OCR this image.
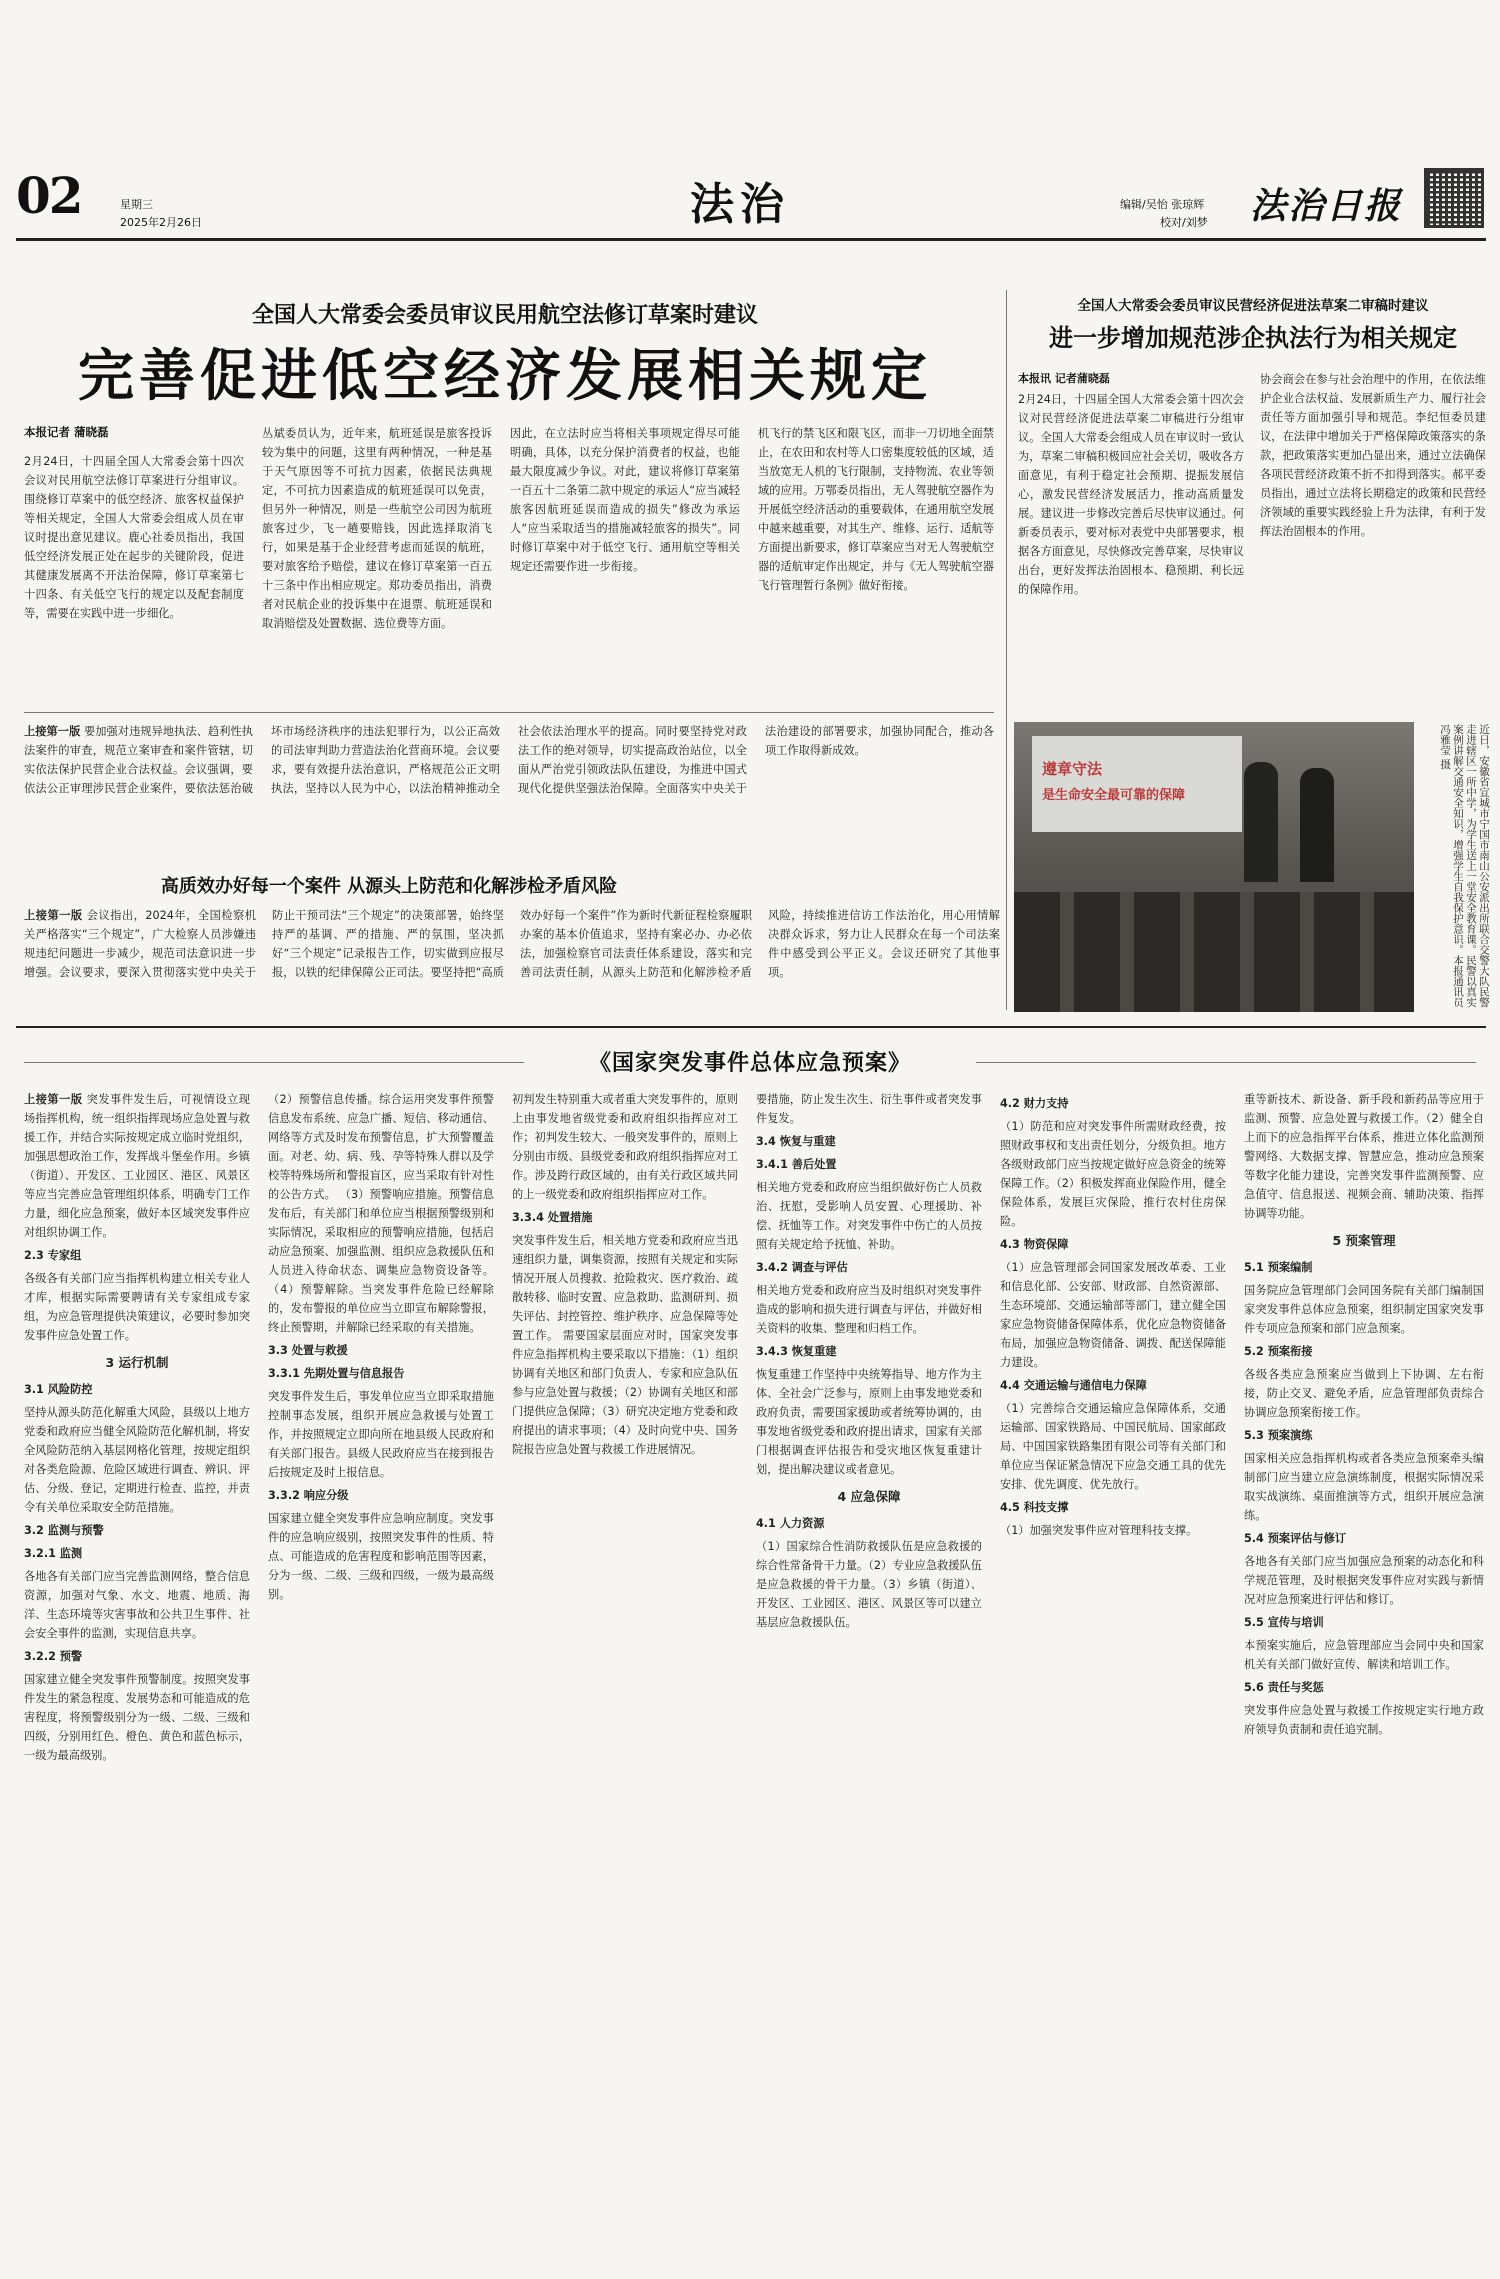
02	星期三
2025年2月26日	法治	编辑/吴怡 张琼辉
校对/刘梦 法治日报
全国人大常委会委员审议民用航空法修订草案时建议
完善促进低空经济发展相关规定
本报记者 蒲晓磊
2月24日，十四届全国人大常委会第十四次会议对民用航空法修订草案进行分组审议。围绕修订草案中的低空经济、旅客权益保护等相关规定，全国人大常委会组成人员在审议时提出意见建议。鹿心社委员指出，我国低空经济发展正处在起步的关键阶段，促进其健康发展离不开法治保障，修订草案第七十四条、有关低空飞行的规定以及配套制度等，需要在实践中进一步细化。
丛斌委员认为，近年来，航班延误是旅客投诉较为集中的问题，这里有两种情况，一种是基于天气原因等不可抗力因素，依据民法典规定，不可抗力因素造成的航班延误可以免责，但另外一种情况，则是一些航空公司因为航班旅客过少，飞一趟要赔钱，因此选择取消飞行，如果是基于企业经营考虑而延误的航班，要对旅客给予赔偿，建议在修订草案第一百五十三条中作出相应规定。郑功委员指出，消费者对民航企业的投诉集中在退票、航班延误和取消赔偿及处置数据、选位费等方面。
因此，在立法时应当将相关事项规定得尽可能明确，具体，以充分保护消费者的权益，也能最大限度减少争议。对此，建议将修订草案第一百五十二条第二款中规定的承运人“应当减轻旅客因航班延误而造成的损失”修改为承运人“应当采取适当的措施减轻旅客的损失”。同时修订草案中对于低空飞行、通用航空等相关规定还需要作进一步衔接。
机飞行的禁飞区和限飞区，而非一刀切地全面禁止，在农田和农村等人口密集度较低的区域，适当放宽无人机的飞行限制，支持物流、农业等领域的应用。万鄂委员指出，无人驾驶航空器作为开展低空经济活动的重要载体，在通用航空发展中越来越重要，对其生产、维修、运行、适航等方面提出新要求，修订草案应当对无人驾驶航空器的适航审定作出规定，并与《无人驾驶航空器飞行管理暂行条例》做好衔接。
上接第一版 要加强对违规异地执法、趋利性执法案件的审查，规范立案审查和案件管辖，切实依法保护民营企业合法权益。会议强调，要依法公正审理涉民营企业案件，要依法惩治破坏市场经济秩序的违法犯罪行为，以公正高效的司法审判助力营造法治化营商环境。会议要求，要有效提升法治意识，严格规范公正文明执法，坚持以人民为中心，以法治精神推动全社会依法治理水平的提高。同时要坚持党对政法工作的绝对领导，切实提高政治站位，以全面从严治党引领政法队伍建设，为推进中国式现代化提供坚强法治保障。全面落实中央关于法治建设的部署要求，加强协同配合，推动各项工作取得新成效。
全国人大常委会委员审议民营经济促进法草案二审稿时建议
进一步增加规范涉企执法行为相关规定
本报讯 记者蒲晓磊
2月24日，十四届全国人大常委会第十四次会议对民营经济促进法草案二审稿进行分组审议。全国人大常委会组成人员在审议时一致认为，草案二审稿积极回应社会关切，吸收各方面意见，有利于稳定社会预期、提振发展信心，激发民营经济发展活力，推动高质量发展。建议进一步修改完善后尽快审议通过。何新委员表示，要对标对表党中央部署要求，根据各方面意见，尽快修改完善草案，尽快审议出台，更好发挥法治固根本、稳预期、利长远的保障作用。
协会商会在参与社会治理中的作用，在依法维护企业合法权益、发展新质生产力、履行社会责任等方面加强引导和规范。李纪恒委员建议，在法律中增加关于严格保障政策落实的条款，把政策落实更加凸显出来，通过立法确保各项民营经济政策不折不扣得到落实。郝平委员指出，通过立法将长期稳定的政策和民营经济领域的重要实践经验上升为法律，有利于发挥法治固根本的作用。
遵章守法
是生命安全最可靠的保障	近日，安徽省宣城市宁国市南山公安派出所联合交警大队民警走进辖区一所中学，为学生送上一堂安全教育课。民警以真实案例讲解交通安全知识，增强学生自我保护意识。本报通讯员 冯雅莹 摄
高质效办好每一个案件 从源头上防范和化解涉检矛盾风险
上接第一版 会议指出，2024年，全国检察机关严格落实“三个规定”，广大检察人员涉嫌违规违纪问题进一步减少，规范司法意识进一步增强。会议要求，要深入贯彻落实党中央关于防止干预司法“三个规定”的决策部署，始终坚持严的基调、严的措施、严的氛围，坚决抓好“三个规定”记录报告工作，切实做到应报尽报，以铁的纪律保障公正司法。要坚持把“高质效办好每一个案件”作为新时代新征程检察履职办案的基本价值追求，坚持有案必办、办必依法，加强检察官司法责任体系建设，落实和完善司法责任制，从源头上防范和化解涉检矛盾风险，持续推进信访工作法治化，用心用情解决群众诉求，努力让人民群众在每一个司法案件中感受到公平正义。会议还研究了其他事项。
《国家突发事件总体应急预案》
上接第一版 突发事件发生后，可视情设立现场指挥机构，统一组织指挥现场应急处置与救援工作，并结合实际按规定成立临时党组织，加强思想政治工作，发挥战斗堡垒作用。乡镇（街道）、开发区、工业园区、港区、风景区等应当完善应急管理组织体系，明确专门工作力量，细化应急预案，做好本区域突发事件应对组织协调工作。
2.3 专家组
各级各有关部门应当指挥机构建立相关专业人才库，根据实际需要聘请有关专家组成专家组，为应急管理提供决策建议，必要时参加突发事件应急处置工作。
3 运行机制
3.1 风险防控
坚持从源头防范化解重大风险，县级以上地方党委和政府应当健全风险防范化解机制，将安全风险防范纳入基层网格化管理，按规定组织对各类危险源、危险区域进行调查、辨识、评估、分级、登记，定期进行检查、监控，并责令有关单位采取安全防范措施。
3.2 监测与预警
3.2.1 监测
各地各有关部门应当完善监测网络，整合信息资源，加强对气象、水文、地震、地质、海洋、生态环境等灾害事故和公共卫生事件、社会安全事件的监测，实现信息共享。
3.2.2 预警
国家建立健全突发事件预警制度。按照突发事件发生的紧急程度、发展势态和可能造成的危害程度，将预警级别分为一级、二级、三级和四级，分别用红色、橙色、黄色和蓝色标示，一级为最高级别。
（2）预警信息传播。综合运用突发事件预警信息发布系统、应急广播、短信、移动通信、网络等方式及时发布预警信息，扩大预警覆盖面。对老、幼、病、残、孕等特殊人群以及学校等特殊场所和警报盲区，应当采取有针对性的公告方式。 （3）预警响应措施。预警信息发布后，有关部门和单位应当根据预警级别和实际情况，采取相应的预警响应措施，包括启动应急预案、加强监测、组织应急救援队伍和人员进入待命状态、调集应急物资设备等。 （4）预警解除。当突发事件危险已经解除的，发布警报的单位应当立即宣布解除警报，终止预警期，并解除已经采取的有关措施。
3.3 处置与救援
3.3.1 先期处置与信息报告
突发事件发生后，事发单位应当立即采取措施控制事态发展，组织开展应急救援与处置工作，并按照规定立即向所在地县级人民政府和有关部门报告。县级人民政府应当在接到报告后按规定及时上报信息。
3.3.2 响应分级
国家建立健全突发事件应急响应制度。突发事件的应急响应级别，按照突发事件的性质、特点、可能造成的危害程度和影响范围等因素，分为一级、二级、三级和四级，一级为最高级别。
初判发生特别重大或者重大突发事件的，原则上由事发地省级党委和政府组织指挥应对工作；初判发生较大、一般突发事件的，原则上分别由市级、县级党委和政府组织指挥应对工作。涉及跨行政区域的，由有关行政区域共同的上一级党委和政府组织指挥应对工作。
3.3.4 处置措施
突发事件发生后，相关地方党委和政府应当迅速组织力量，调集资源，按照有关规定和实际情况开展人员搜救、抢险救灾、医疗救治、疏散转移、临时安置、应急救助、监测研判、损失评估、封控管控、维护秩序、应急保障等处置工作。 需要国家层面应对时，国家突发事件应急指挥机构主要采取以下措施：（1）组织协调有关地区和部门负责人、专家和应急队伍参与应急处置与救援；（2）协调有关地区和部门提供应急保障；（3）研究决定地方党委和政府提出的请求事项；（4）及时向党中央、国务院报告应急处置与救援工作进展情况。
要措施，防止发生次生、衍生事件或者突发事件复发。
3.4 恢复与重建
3.4.1 善后处置
相关地方党委和政府应当组织做好伤亡人员救治、抚慰，受影响人员安置、心理援助、补偿、抚恤等工作。对突发事件中伤亡的人员按照有关规定给予抚恤、补助。
3.4.2 调查与评估
相关地方党委和政府应当及时组织对突发事件造成的影响和损失进行调查与评估，并做好相关资料的收集、整理和归档工作。
3.4.3 恢复重建
恢复重建工作坚持中央统筹指导、地方作为主体、全社会广泛参与，原则上由事发地党委和政府负责，需要国家援助或者统筹协调的，由事发地省级党委和政府提出请求，国家有关部门根据调查评估报告和受灾地区恢复重建计划，提出解决建议或者意见。
4 应急保障
4.1 人力资源
（1）国家综合性消防救援队伍是应急救援的综合性常备骨干力量。（2）专业应急救援队伍是应急救援的骨干力量。（3）乡镇（街道）、开发区、工业园区、港区、风景区等可以建立基层应急救援队伍。
4.2 财力支持
（1）防范和应对突发事件所需财政经费，按照财政事权和支出责任划分，分级负担。地方各级财政部门应当按规定做好应急资金的统筹保障工作。（2）积极发挥商业保险作用，健全保险体系，发展巨灾保险，推行农村住房保险。
4.3 物资保障
（1）应急管理部会同国家发展改革委、工业和信息化部、公安部、财政部、自然资源部、生态环境部、交通运输部等部门，建立健全国家应急物资储备保障体系，优化应急物资储备布局，加强应急物资储备、调拨、配送保障能力建设。
4.4 交通运输与通信电力保障
（1）完善综合交通运输应急保障体系，交通运输部、国家铁路局、中国民航局、国家邮政局、中国国家铁路集团有限公司等有关部门和单位应当保证紧急情况下应急交通工具的优先安排、优先调度、优先放行。
4.5 科技支撑
（1）加强突发事件应对管理科技支撑。
重等新技术、新设备、新手段和新药品等应用于监测、预警、应急处置与救援工作。（2）健全自上而下的应急指挥平台体系，推进立体化监测预警网络、大数据支撑、智慧应急，推动应急预案等数字化能力建设，完善突发事件监测预警、应急值守、信息报送、视频会商、辅助决策、指挥协调等功能。
5 预案管理
5.1 预案编制
国务院应急管理部门会同国务院有关部门编制国家突发事件总体应急预案，组织制定国家突发事件专项应急预案和部门应急预案。
5.2 预案衔接
各级各类应急预案应当做到上下协调、左右衔接，防止交叉、避免矛盾，应急管理部负责综合协调应急预案衔接工作。
5.3 预案演练
国家相关应急指挥机构或者各类应急预案牵头编制部门应当建立应急演练制度，根据实际情况采取实战演练、桌面推演等方式，组织开展应急演练。
5.4 预案评估与修订
各地各有关部门应当加强应急预案的动态化和科学规范管理，及时根据突发事件应对实践与新情况对应急预案进行评估和修订。
5.5 宣传与培训
本预案实施后，应急管理部应当会同中央和国家机关有关部门做好宣传、解读和培训工作。
5.6 责任与奖惩
突发事件应急处置与救援工作按规定实行地方政府领导负责制和责任追究制。
